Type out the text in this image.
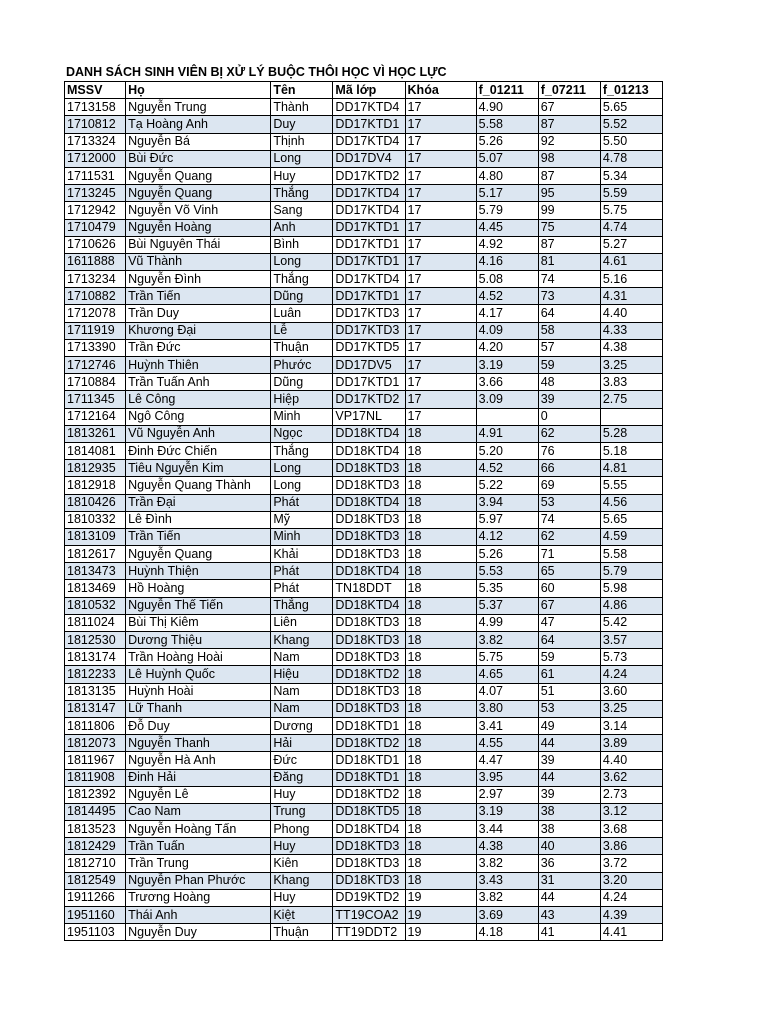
DANH SÁCH SINH VIÊN BỊ XỬ LÝ BUỘC THÔI HỌC VÌ HỌC LỰC
MSSV	Họ	Tên	Mã lớp	Khóa	f_01211	f_07211	f_01213
1713158	Nguyễn Trung	Thành	DD17KTD4	17	4.90	67	5.65
1710812	Tạ Hoàng Anh	Duy	DD17KTD1	17	5.58	87	5.52
1713324	Nguyễn Bá	Thịnh	DD17KTD4	17	5.26	92	5.50
1712000	Bùi Đức	Long	DD17DV4	17	5.07	98	4.78
1711531	Nguyễn Quang	Huy	DD17KTD2	17	4.80	87	5.34
1713245	Nguyễn Quang	Thắng	DD17KTD4	17	5.17	95	5.59
1712942	Nguyễn Võ Vinh	Sang	DD17KTD4	17	5.79	99	5.75
1710479	Nguyễn Hoàng	Anh	DD17KTD1	17	4.45	75	4.74
1710626	Bùi Nguyên Thái	Bình	DD17KTD1	17	4.92	87	5.27
1611888	Vũ Thành	Long	DD17KTD1	17	4.16	81	4.61
1713234	Nguyễn Đình	Thắng	DD17KTD4	17	5.08	74	5.16
1710882	Trần Tiến	Dũng	DD17KTD1	17	4.52	73	4.31
1712078	Trần Duy	Luân	DD17KTD3	17	4.17	64	4.40
1711919	Khương Đại	Lễ	DD17KTD3	17	4.09	58	4.33
1713390	Trần Đức	Thuận	DD17KTD5	17	4.20	57	4.38
1712746	Huỳnh Thiên	Phước	DD17DV5	17	3.19	59	3.25
1710884	Trần Tuấn Anh	Dũng	DD17KTD1	17	3.66	48	3.83
1711345	Lê Công	Hiệp	DD17KTD2	17	3.09	39	2.75
1712164	Ngô Công	Minh	VP17NL	17		0	
1813261	Vũ Nguyễn Anh	Ngọc	DD18KTD4	18	4.91	62	5.28
1814081	Đinh Đức Chiến	Thắng	DD18KTD4	18	5.20	76	5.18
1812935	Tiêu Nguyễn Kim	Long	DD18KTD3	18	4.52	66	4.81
1812918	Nguyễn Quang Thành	Long	DD18KTD3	18	5.22	69	5.55
1810426	Trần Đại	Phát	DD18KTD4	18	3.94	53	4.56
1810332	Lê Đình	Mỹ	DD18KTD3	18	5.97	74	5.65
1813109	Trần Tiến	Minh	DD18KTD3	18	4.12	62	4.59
1812617	Nguyễn Quang	Khải	DD18KTD3	18	5.26	71	5.58
1813473	Huỳnh Thiện	Phát	DD18KTD4	18	5.53	65	5.79
1813469	Hồ Hoàng	Phát	TN18DDT	18	5.35	60	5.98
1810532	Nguyễn Thế Tiến	Thắng	DD18KTD4	18	5.37	67	4.86
1811024	Bùi Thị Kiêm	Liên	DD18KTD3	18	4.99	47	5.42
1812530	Dương Thiệu	Khang	DD18KTD3	18	3.82	64	3.57
1813174	Trần Hoàng Hoài	Nam	DD18KTD3	18	5.75	59	5.73
1812233	Lê Huỳnh Quốc	Hiệu	DD18KTD2	18	4.65	61	4.24
1813135	Huỳnh Hoài	Nam	DD18KTD3	18	4.07	51	3.60
1813147	Lữ Thanh	Nam	DD18KTD3	18	3.80	53	3.25
1811806	Đỗ Duy	Dương	DD18KTD1	18	3.41	49	3.14
1812073	Nguyễn Thanh	Hải	DD18KTD2	18	4.55	44	3.89
1811967	Nguyễn Hà Anh	Đức	DD18KTD1	18	4.47	39	4.40
1811908	Đinh Hải	Đăng	DD18KTD1	18	3.95	44	3.62
1812392	Nguyễn Lê	Huy	DD18KTD2	18	2.97	39	2.73
1814495	Cao Nam	Trung	DD18KTD5	18	3.19	38	3.12
1813523	Nguyễn Hoàng Tấn	Phong	DD18KTD4	18	3.44	38	3.68
1812429	Trần Tuấn	Huy	DD18KTD3	18	4.38	40	3.86
1812710	Trần Trung	Kiên	DD18KTD3	18	3.82	36	3.72
1812549	Nguyễn Phan Phước	Khang	DD18KTD3	18	3.43	31	3.20
1911266	Trương Hoàng	Huy	DD19KTD2	19	3.82	44	4.24
1951160	Thái Anh	Kiệt	TT19COA2	19	3.69	43	4.39
1951103	Nguyễn Duy	Thuận	TT19DDT2	19	4.18	41	4.41
